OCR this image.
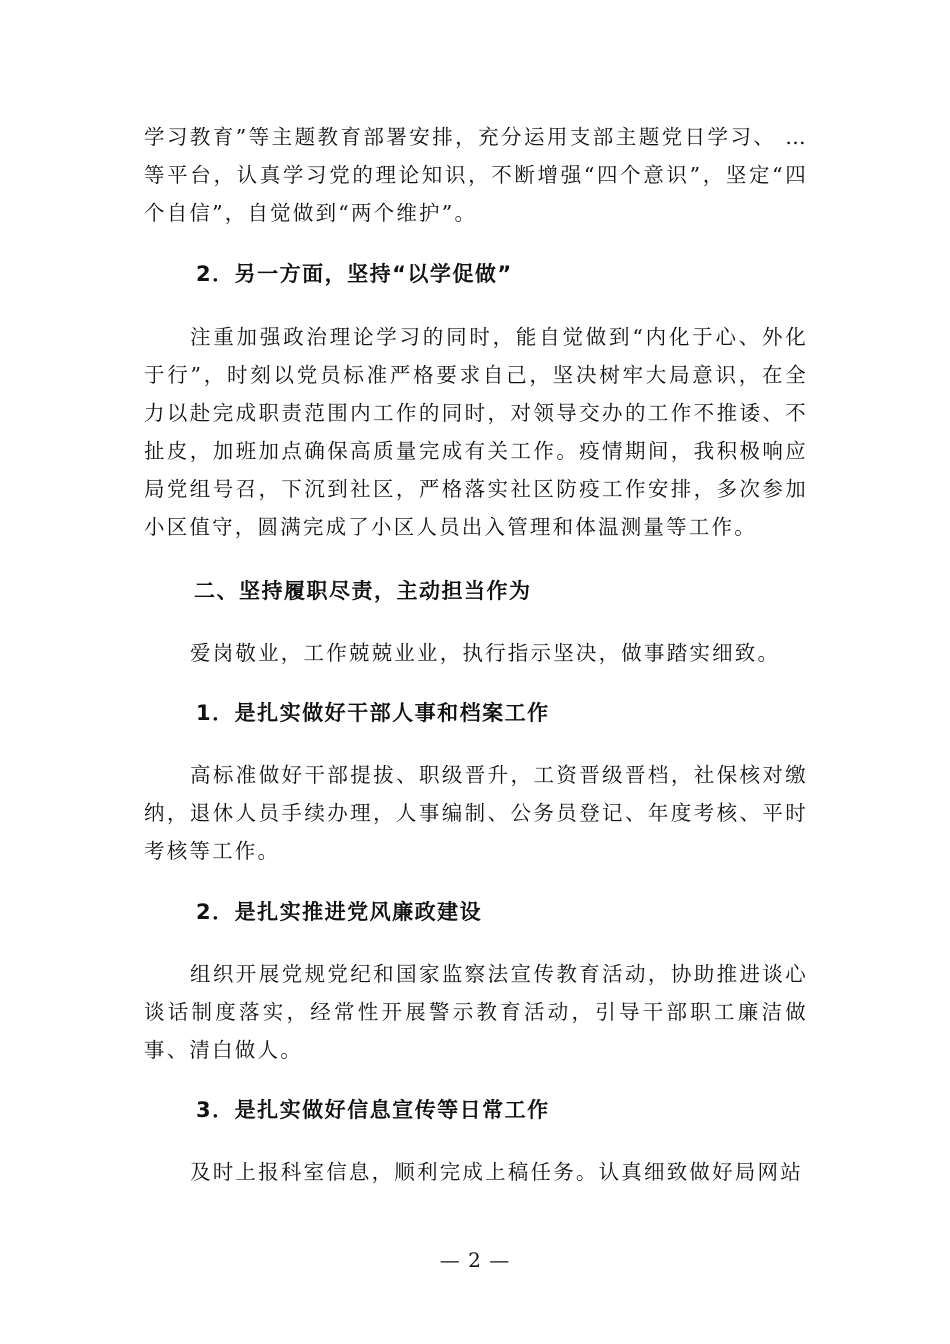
学习教育”等主题教育部署安排，充分运用支部主题党日学习、 …等平台，认真学习党的理论知识，不断增强“四个意识”，坚定“四个自信”，自觉做到“两个维护”。

2．另一方面，坚持“以学促做”

注重加强政治理论学习的同时，能自觉做到“内化于心、外化于行”，时刻以党员标准严格要求自己，坚决树牢大局意识，在全力以赴完成职责范围内工作的同时，对领导交办的工作不推诿、不扯皮，加班加点确保高质量完成有关工作。疫情期间，我积极响应局党组号召，下沉到社区，严格落实社区防疫工作安排，多次参加小区值守，圆满完成了小区人员出入管理和体温测量等工作。

二、坚持履职尽责，主动担当作为

爱岗敬业，工作兢兢业业，执行指示坚决，做事踏实细致。

1．是扎实做好干部人事和档案工作

高标准做好干部提拔、职级晋升，工资晋级晋档，社保核对缴纳，退休人员手续办理，人事编制、公务员登记、年度考核、平时考核等工作。

2．是扎实推进党风廉政建设

组织开展党规党纪和国家监察法宣传教育活动，协助推进谈心谈话制度落实，经常性开展警示教育活动，引导干部职工廉洁做事、清白做人。

3．是扎实做好信息宣传等日常工作

及时上报科室信息，顺利完成上稿任务。认真细致做好局网站

— 2 —
